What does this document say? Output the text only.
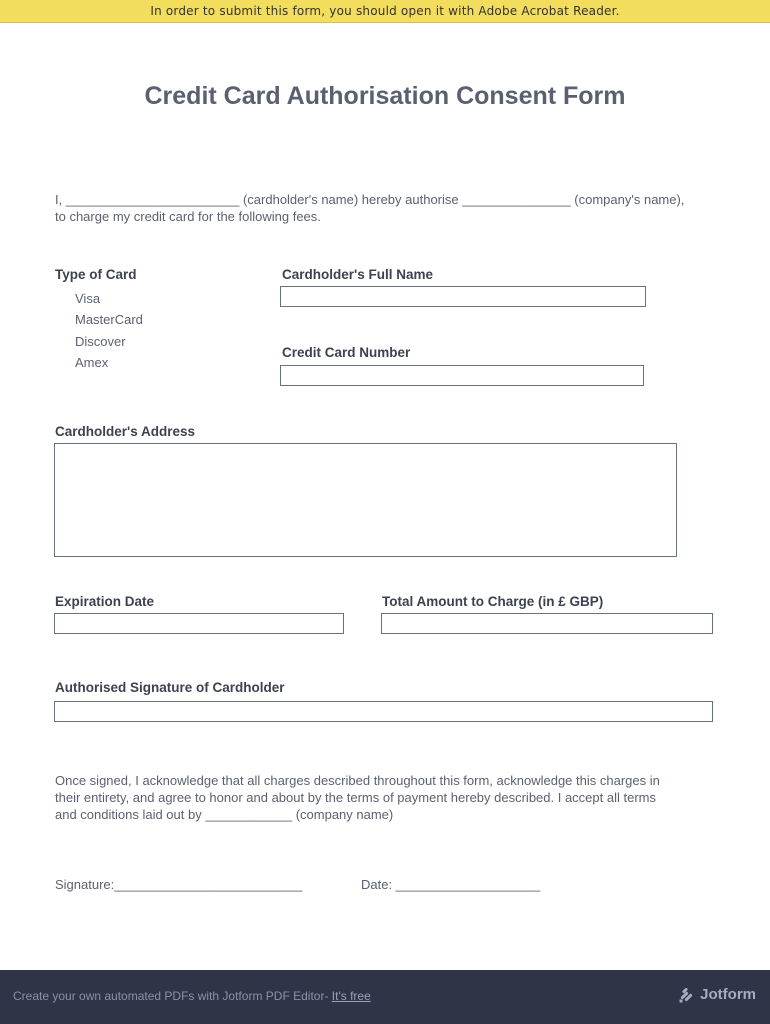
In order to submit this form, you should open it with Adobe Acrobat Reader.
Credit Card Authorisation Consent Form
I, ________________________ (cardholder's name) hereby authorise _______________ (company's name),
to charge my credit card for the following fees.
Type of Card
Visa
MasterCard
Discover
Amex
Cardholder's Full Name
Credit Card Number
Cardholder's Address
Expiration Date	Total Amount to Charge (in £ GBP)
Authorised Signature of Cardholder
Once signed, I acknowledge that all charges described throughout this form, acknowledge this charges in
their entirety, and agree to honor and about by the terms of payment hereby described. I accept all terms
and conditions laid out by ____________ (company name)
Signature:__________________________	Date: ____________________
Create your own automated PDFs with Jotform PDF Editor- It's free	Jotform
